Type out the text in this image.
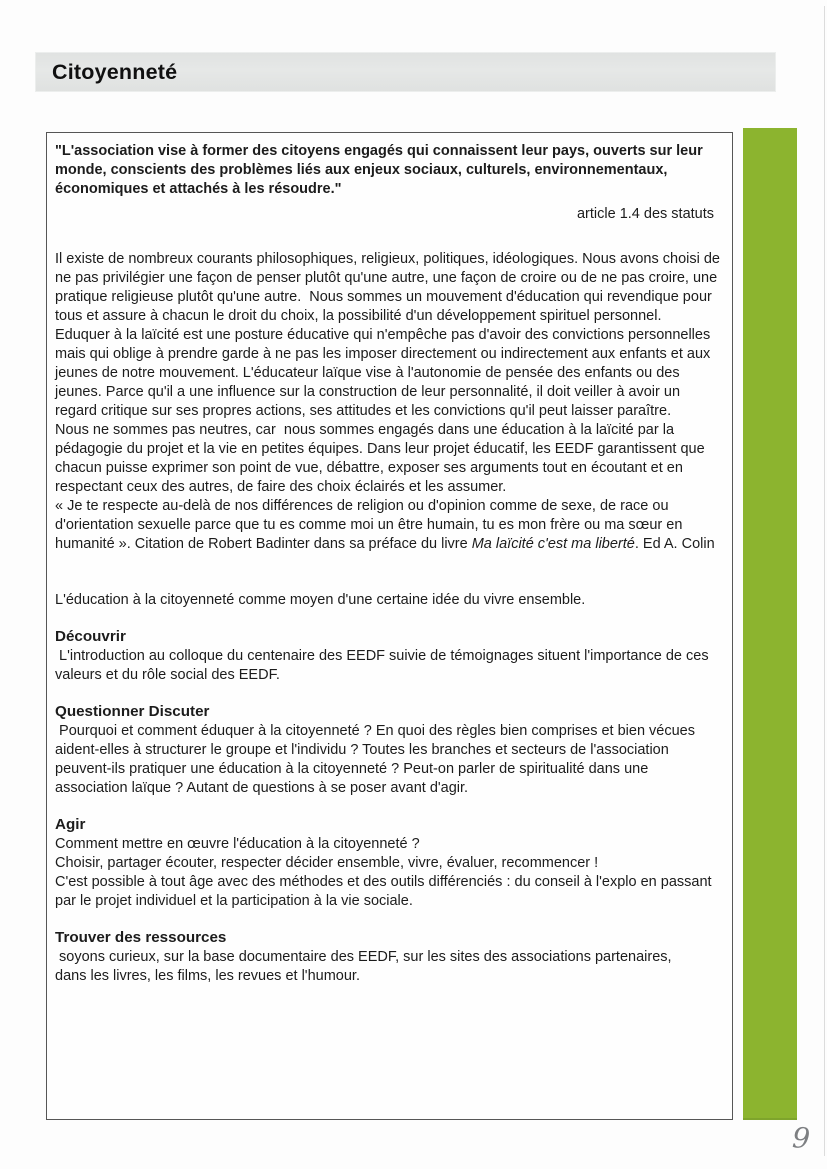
Citoyenneté

"L'association vise à former des citoyens engagés qui connaissent leur pays, ouverts sur leur monde, conscients des problèmes liés aux enjeux sociaux, culturels, environnementaux, économiques et attachés à les résoudre."

article 1.4 des statuts

Il existe de nombreux courants philosophiques, religieux, politiques, idéologiques. Nous avons choisi de ne pas privilégier une façon de penser plutôt qu'une autre, une façon de croire ou de ne pas croire, une pratique religieuse plutôt qu'une autre.  Nous sommes un mouvement d'éducation qui revendique pour tous et assure à chacun le droit du choix, la possibilité d'un développement spirituel personnel.

Eduquer à la laïcité est une posture éducative qui n'empêche pas d'avoir des convictions personnelles mais qui oblige à prendre garde à ne pas les imposer directement ou indirectement aux enfants et aux jeunes de notre mouvement. L'éducateur laïque vise à l'autonomie de pensée des enfants ou des jeunes. Parce qu'il a une influence sur la construction de leur personnalité, il doit veiller à avoir un regard critique sur ses propres actions, ses attitudes et les convictions qu'il peut laisser paraître.

Nous ne sommes pas neutres, car  nous sommes engagés dans une éducation à la laïcité par la pédagogie du projet et la vie en petites équipes. Dans leur projet éducatif, les EEDF garantissent que chacun puisse exprimer son point de vue, débattre, exposer ses arguments tout en écoutant et en respectant ceux des autres, de faire des choix éclairés et les assumer.

« Je te respecte au-delà de nos différences de religion ou d'opinion comme de sexe, de race ou d'orientation sexuelle parce que tu es comme moi un être humain, tu es mon frère ou ma sœur en humanité ». Citation de Robert Badinter dans sa préface du livre Ma laïcité c'est ma liberté. Ed A. Colin

L'éducation à la citoyenneté comme moyen d'une certaine idée du vivre ensemble.

Découvrir

L'introduction au colloque du centenaire des EEDF suivie de témoignages situent l'importance de ces valeurs et du rôle social des EEDF.

Questionner Discuter

Pourquoi et comment éduquer à la citoyenneté ? En quoi des règles bien comprises et bien vécues aident-elles à structurer le groupe et l'individu ? Toutes les branches et secteurs de l'association peuvent-ils pratiquer une éducation à la citoyenneté ? Peut-on parler de spiritualité dans une association laïque ? Autant de questions à se poser avant d'agir.

Agir

Comment mettre en œuvre l'éducation à la citoyenneté ?

Choisir, partager écouter, respecter décider ensemble, vivre, évaluer, recommencer !

C'est possible à tout âge avec des méthodes et des outils différenciés : du conseil à l'explo en passant par le projet individuel et la participation à la vie sociale.

Trouver des ressources

soyons curieux, sur la base documentaire des EEDF, sur les sites des associations partenaires,

dans les livres, les films, les revues et l'humour.

9
